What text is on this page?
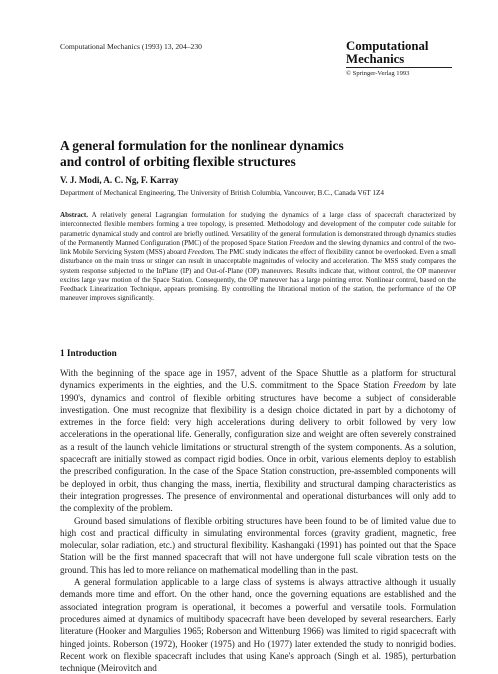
Computational Mechanics (1993) 13, 204–230	Computational
Mechanics
© Springer-Verlag 1993
A general formulation for the nonlinear dynamics
and control of orbiting flexible structures
V. J. Modi, A. C. Ng, F. Karray
Department of Mechanical Engineering, The University of British Columbia, Vancouver, B.C., Canada V6T 1Z4
Abstract. A relatively general Lagrangian formulation for studying the dynamics of a large class of spacecraft characterized by interconnected flexible members forming a tree topology, is presented. Methodology and development of the computer code suitable for parametric dynamical study and control are briefly outlined. Versatility of the general formulation is demonstrated through dynamics studies of the Permanently Manned Configuration (PMC) of the proposed Space Station Freedom and the slewing dynamics and control of the two-link Mobile Servicing System (MSS) aboard Freedom. The PMC study indicates the effect of flexibility cannot be overlooked. Even a small disturbance on the main truss or stinger can result in unacceptable magnitudes of velocity and acceleration. The MSS study compares the system response subjected to the InPlane (IP) and Out-of-Plane (OP) maneuvers. Results indicate that, without control, the OP maneuver excites large yaw motion of the Space Station. Consequently, the OP maneuver has a large pointing error. Nonlinear control, based on the Feedback Linearization Technique, appears promising. By controlling the librational motion of the station, the performance of the OP maneuver improves significantly.
1 Introduction

With the beginning of the space age in 1957, advent of the Space Shuttle as a platform for structural dynamics experiments in the eighties, and the U.S. commitment to the Space Station Freedom by late 1990's, dynamics and control of flexible orbiting structures have become a subject of considerable investigation. One must recognize that flexibility is a design choice dictated in part by a dichotomy of extremes in the force field: very high accelerations during delivery to orbit followed by very low accelerations in the operational life. Generally, configuration size and weight are often severely constrained as a result of the launch vehicle limitations or structural strength of the system components. As a solution, spacecraft are initially stowed as compact rigid bodies. Once in orbit, various elements deploy to establish the prescribed configuration. In the case of the Space Station construction, pre-assembled components will be deployed in orbit, thus changing the mass, inertia, flexibility and structural damping characteristics as their integration progresses. The presence of environmental and operational disturbances will only add to the complexity of the problem.

Ground based simulations of flexible orbiting structures have been found to be of limited value due to high cost and practical difficulty in simulating environmental forces (gravity gradient, magnetic, free molecular, solar radiation, etc.) and structural flexibility. Kashangaki (1991) has pointed out that the Space Station will be the first manned spacecraft that will not have undergone full scale vibration tests on the ground. This has led to more reliance on mathematical modelling than in the past.

A general formulation applicable to a large class of systems is always attractive although it usually demands more time and effort. On the other hand, once the governing equations are established and the associated integration program is operational, it becomes a powerful and versatile tools. Formulation procedures aimed at dynamics of multibody spacecraft have been developed by several researchers. Early literature (Hooker and Margulies 1965; Roberson and Wittenburg 1966) was limited to rigid spacecraft with hinged joints. Roberson (1972), Hooker (1975) and Ho (1977) later extended the study to nonrigid bodies. Recent work on flexible spacecraft includes that using Kane's approach (Singh et al. 1985), perturbation technique (Meirovitch and
